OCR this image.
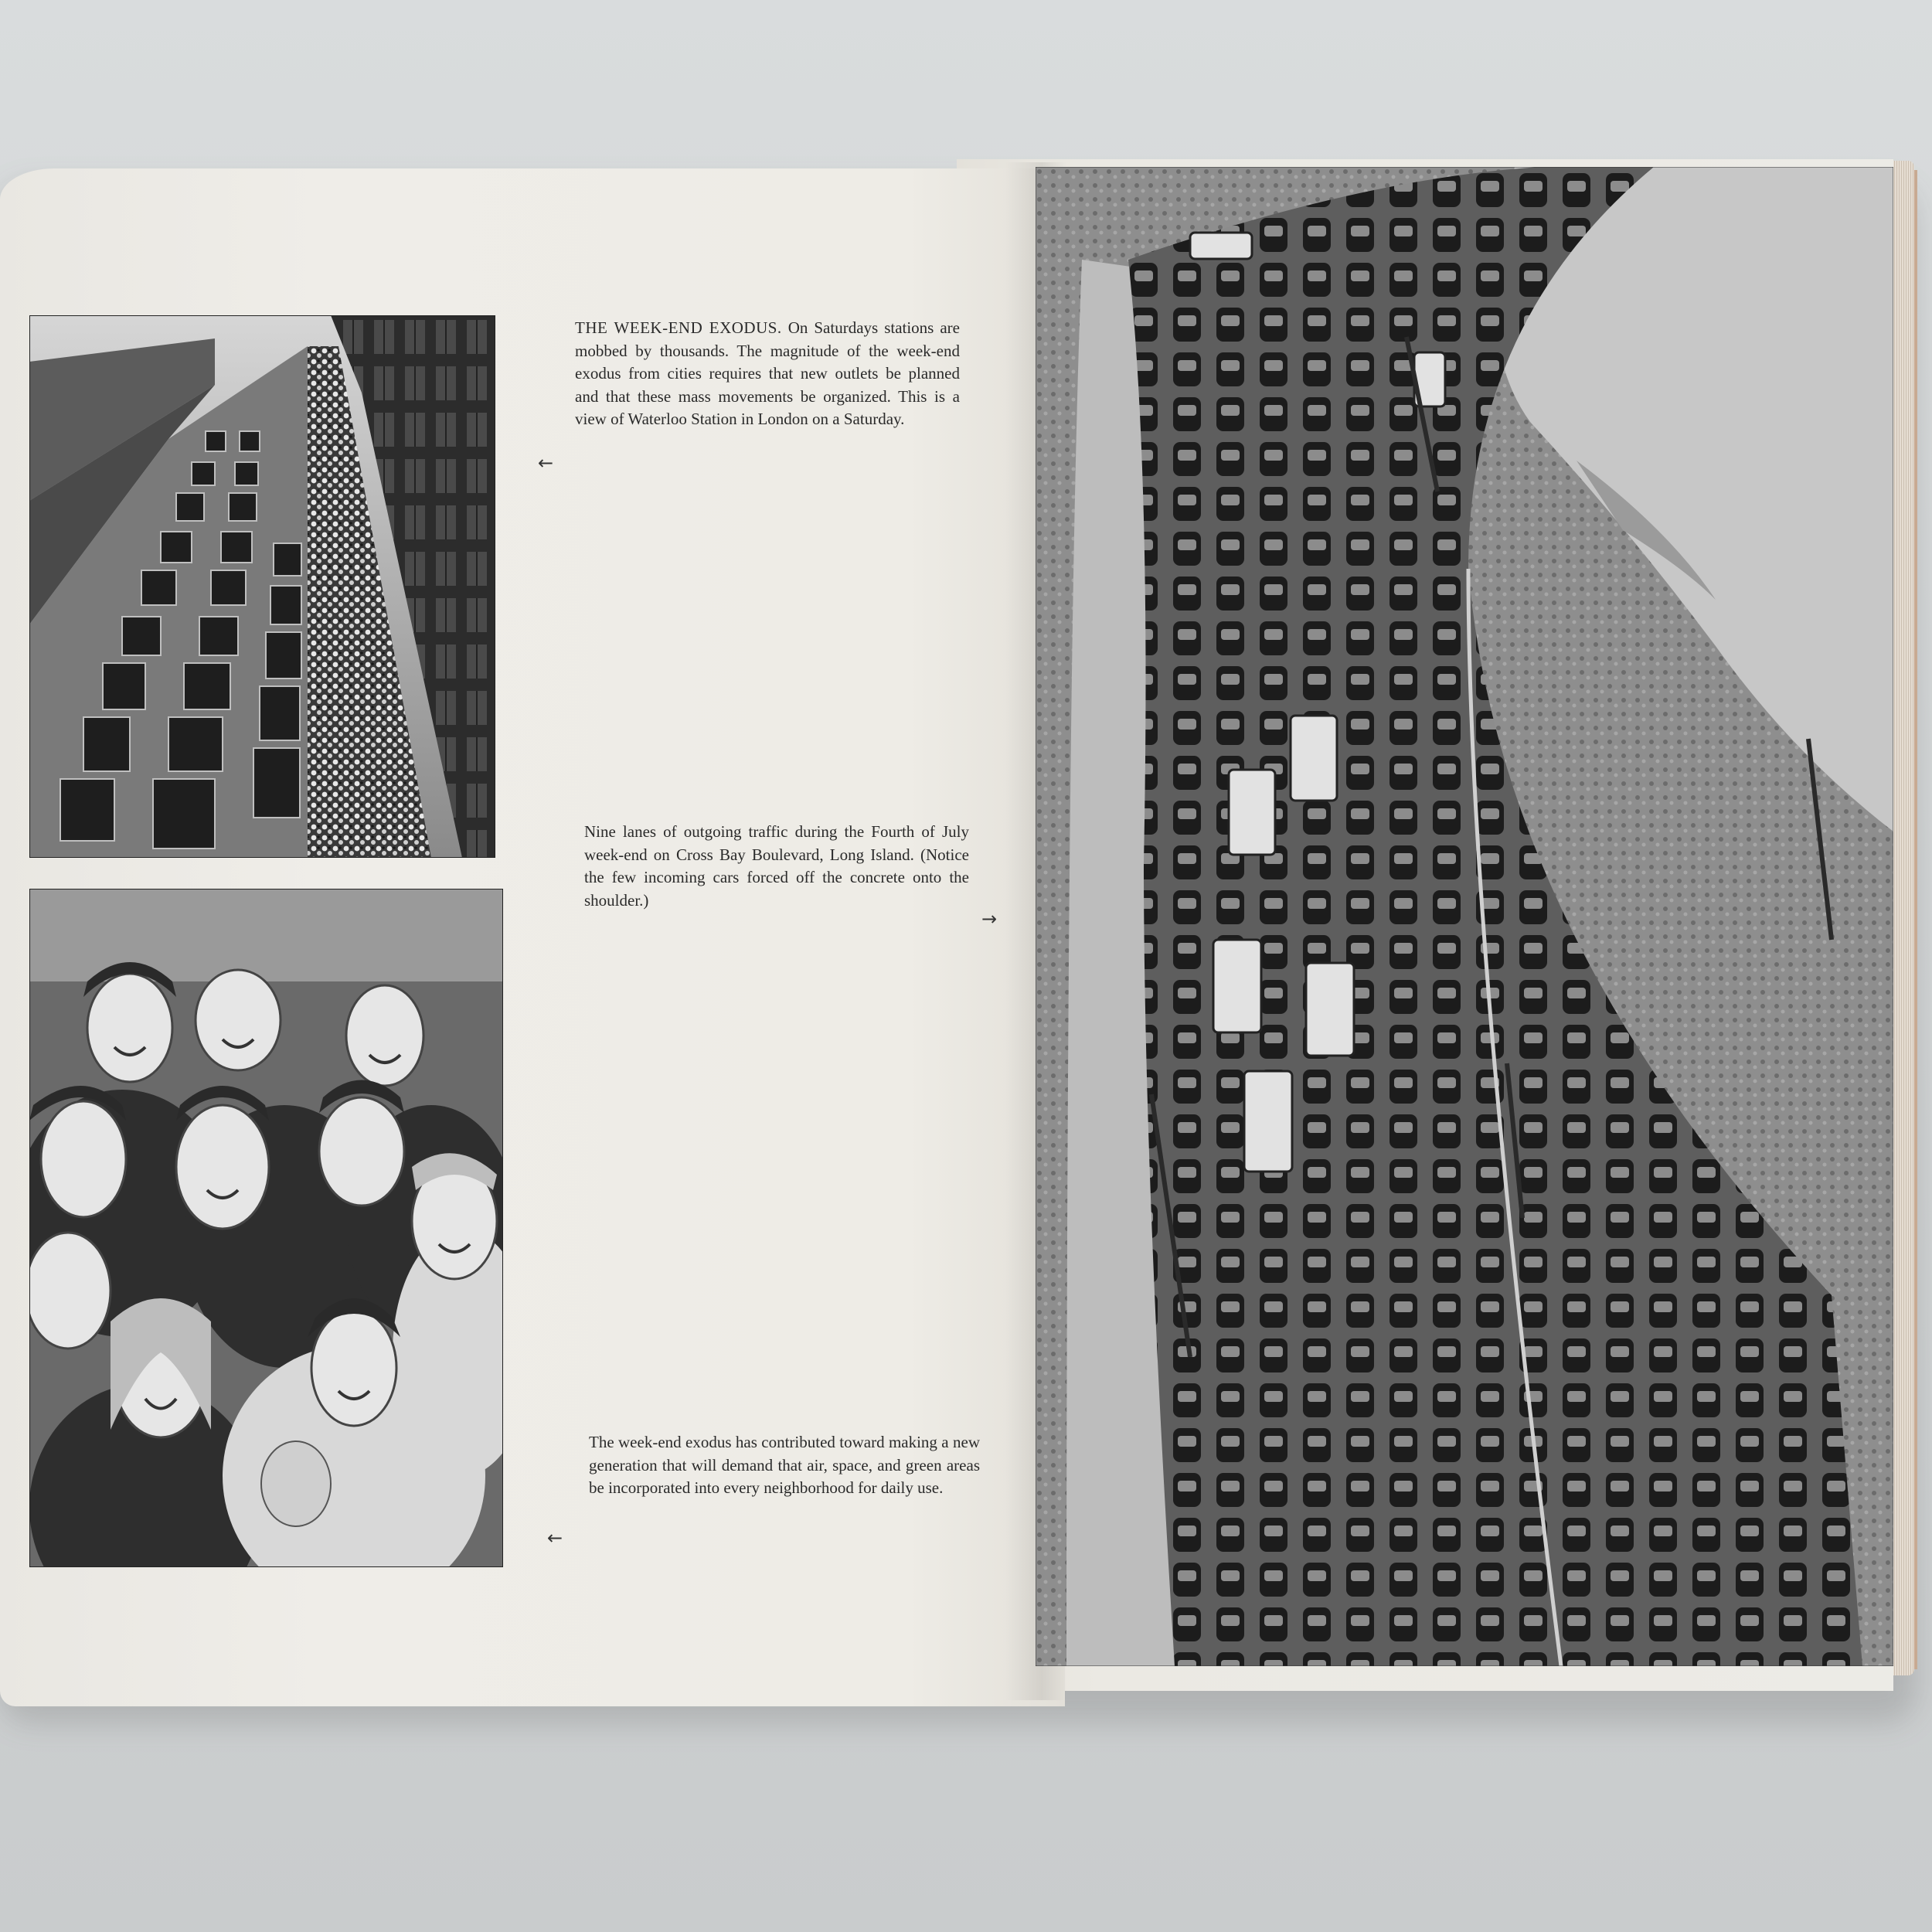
THE WEEK-END EXODUS. On Saturdays stations are mobbed by thousands. The magnitude of the week-end exodus from cities requires that new outlets be planned and that these mass movements be organized. This is a view of Waterloo Station in London on a Saturday.

←

Nine lanes of outgoing traffic during the Fourth of July week-end on Cross Bay Boulevard, Long Island. (Notice the few incoming cars forced off the concrete onto the shoulder.)

→

The week-end exodus has contributed toward making a new generation that will demand that air, space, and green areas be incorporated into every neighborhood for daily use.

←
